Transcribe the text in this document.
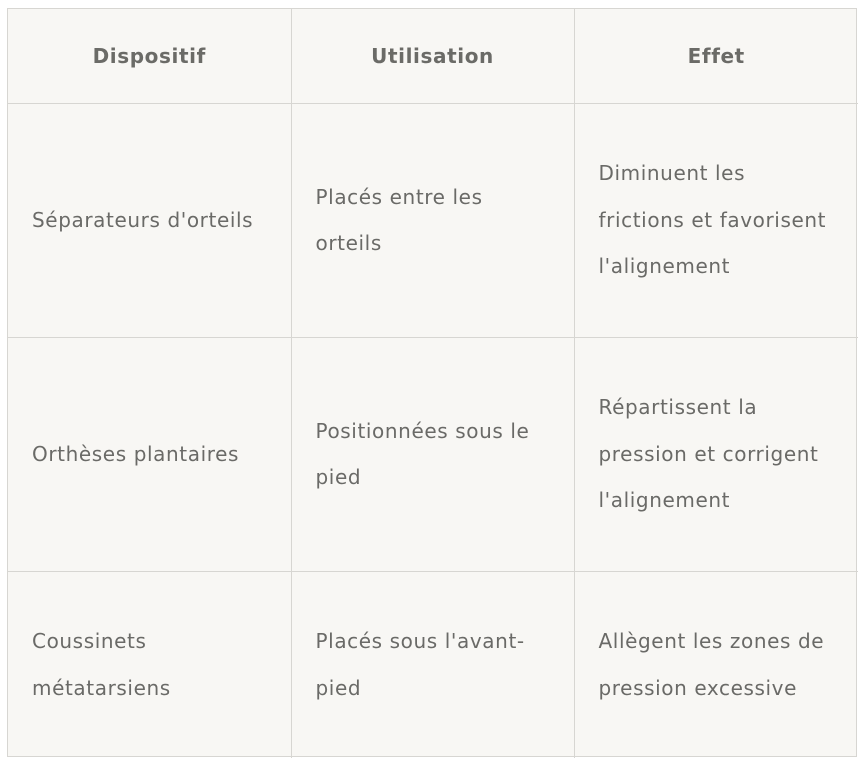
Dispositif	Utilisation	Effet
Séparateurs d'orteils	Placés entre les orteils	Diminuent les frictions et favorisent l'alignement
Orthèses plantaires	Positionnées sous le pied	Répartissent la pression et corrigent l'alignement
Coussinets métatarsiens	Placés sous l'avant-pied	Allègent les zones de pression excessive
